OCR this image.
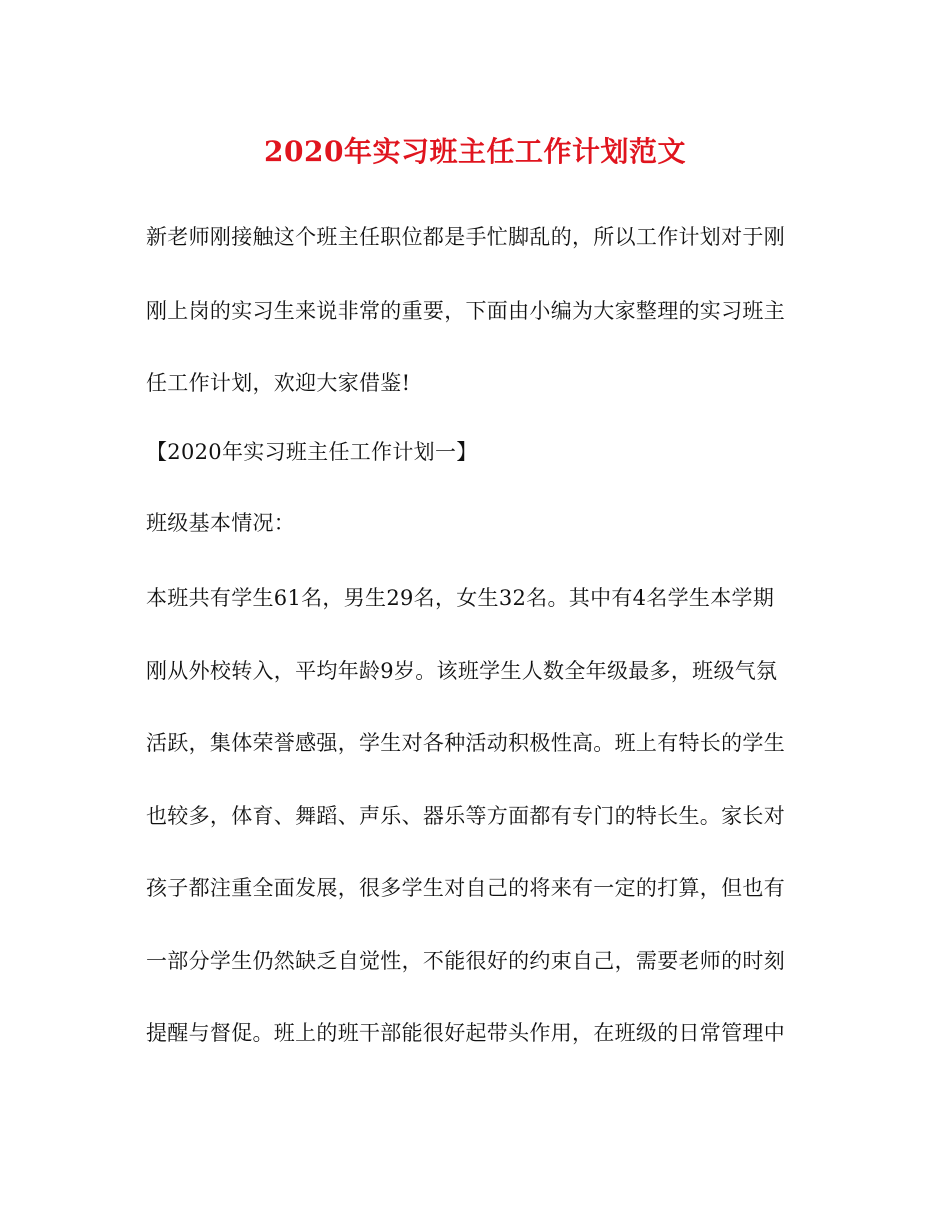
2020年实习班主任工作计划范文
新老师刚接触这个班主任职位都是手忙脚乱的，所以工作计划对于刚
刚上岗的实习生来说非常的重要，下面由小编为大家整理的实习班主
任工作计划，欢迎大家借鉴!
【2020年实习班主任工作计划一】
班级基本情况：
本班共有学生61名，男生29名，女生32名。其中有4名学生本学期
刚从外校转入，平均年龄9岁。该班学生人数全年级最多，班级气氛
活跃，集体荣誉感强，学生对各种活动积极性高。班上有特长的学生
也较多，体育、舞蹈、声乐、器乐等方面都有专门的特长生。家长对
孩子都注重全面发展，很多学生对自己的将来有一定的打算，但也有
一部分学生仍然缺乏自觉性，不能很好的约束自己，需要老师的时刻
提醒与督促。班上的班干部能很好起带头作用，在班级的日常管理中
